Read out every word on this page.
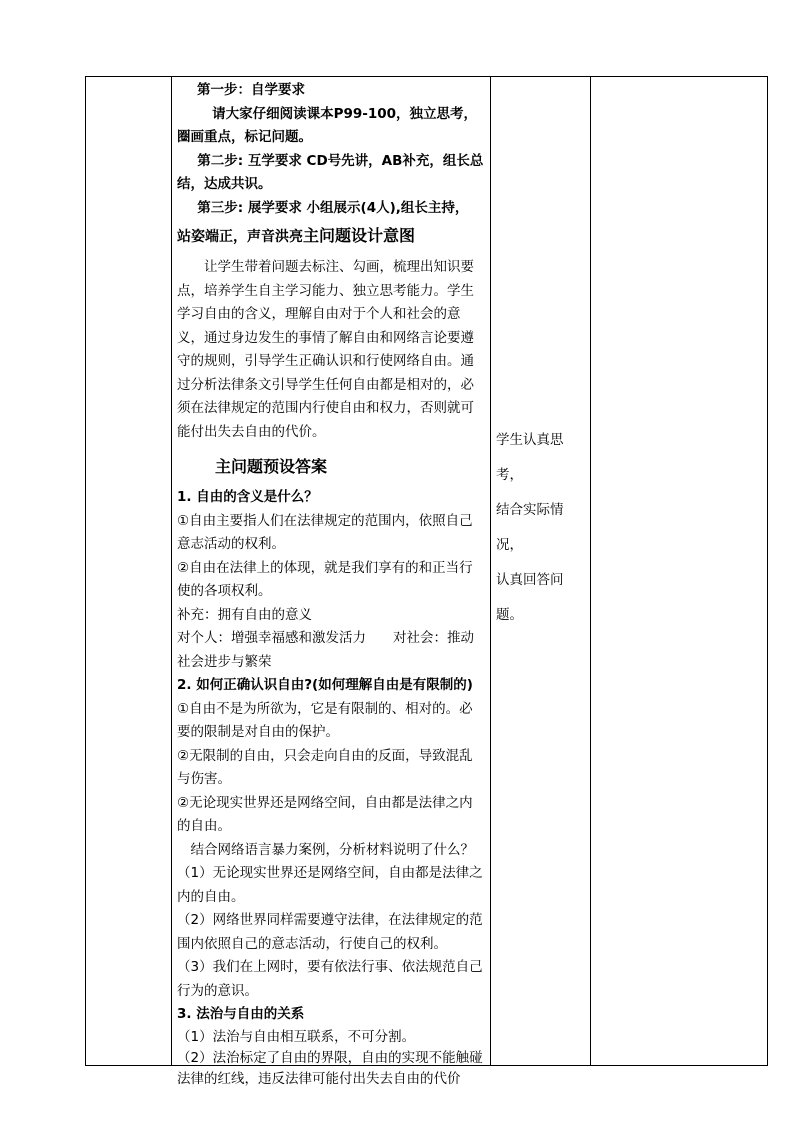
第一步：自学要求

请大家仔细阅读课本P99-100，独立思考，圈画重点，标记问题。

第二步: 互学要求 CD号先讲，AB补充，组长总结，达成共识。

第三步: 展学要求 小组展示(4人),组长主持，

站姿端正，声音洪亮主问题设计意图

让学生带着问题去标注、勾画，梳理出知识要点，培养学生自主学习能力、独立思考能力。学生学习自由的含义，理解自由对于个人和社会的意义，通过身边发生的事情了解自由和网络言论要遵守的规则，引导学生正确认识和行使网络自由。通过分析法律条文引导学生任何自由都是相对的，必须在法律规定的范围内行使自由和权力，否则就可能付出失去自由的代价。

主问题预设答案

1. 自由的含义是什么？

①自由主要指人们在法律规定的范围内，依照自己意志活动的权利。

②自由在法律上的体现，就是我们享有的和正当行使的各项权利。

补充：拥有自由的意义

对个人：增强幸福感和激发活力　　对社会：推动社会进步与繁荣

2. 如何正确认识自由?(如何理解自由是有限制的)

①自由不是为所欲为，它是有限制的、相对的。必要的限制是对自由的保护。

②无限制的自由，只会走向自由的反面，导致混乱与伤害。

②无论现实世界还是网络空间，自由都是法律之内的自由。

结合网络语言暴力案例，分析材料说明了什么？

（1）无论现实世界还是网络空间，自由都是法律之内的自由。

（2）网络世界同样需要遵守法律，在法律规定的范围内依照自己的意志活动，行使自己的权利。

（3）我们在上网时，要有依法行事、依法规范自己行为的意识。

3. 法治与自由的关系

（1）法治与自由相互联系，不可分割。

（2）法治标定了自由的界限，自由的实现不能触碰法律的红线，违反法律可能付出失去自由的代价

学生认真思考，
结合实际情况，
认真回答问题。
